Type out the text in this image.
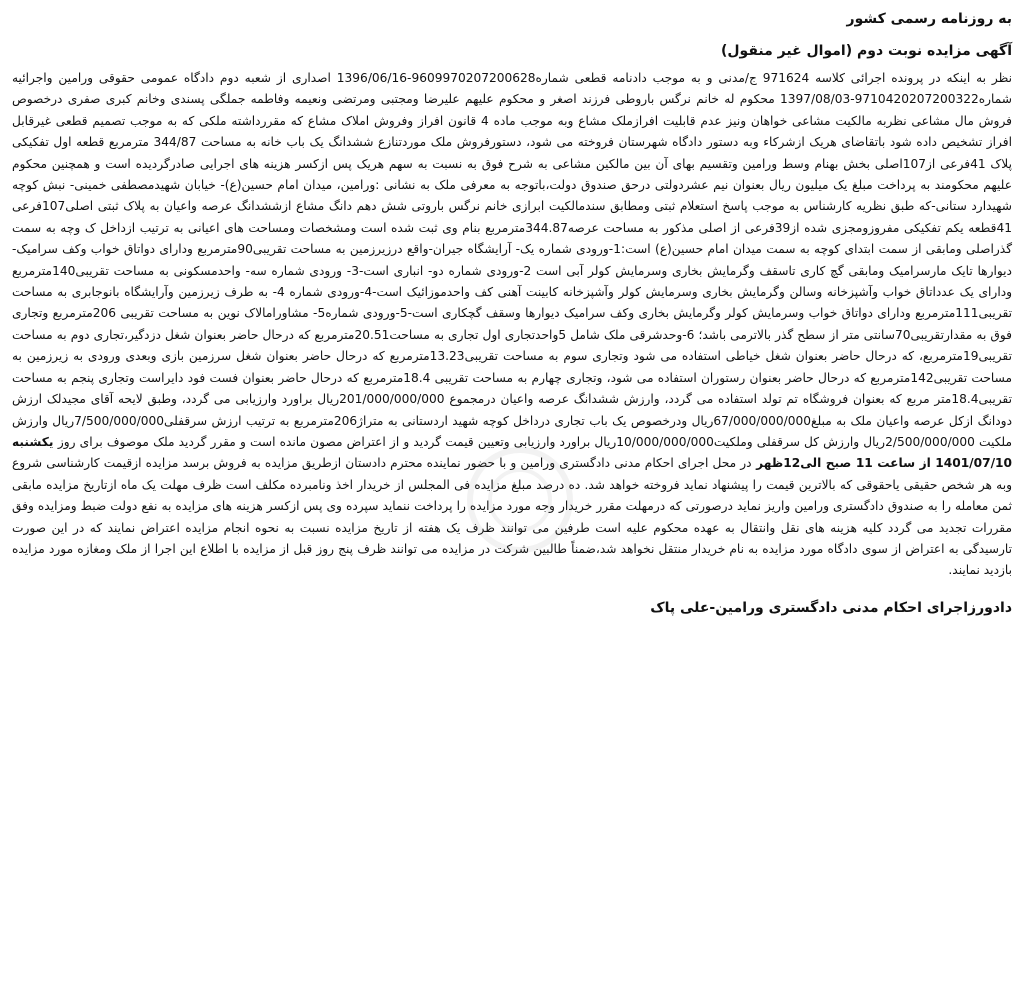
به روزنامه رسمی کشور
آگهی مزایده نوبت دوم (اموال غیر منقول)

نظر به اینکه در پرونده اجرائی کلاسه 971624 ج/مدنی و به موجب دادنامه قطعی شماره9609970207200628-1396/06/16 اصداری از شعبه دوم دادگاه عمومی حقوقی ورامین واجرائیه شماره9710420207200322-1397/08/03 محکوم له خانم نرگس باروطی فرزند اصغر و محکوم علیهم علیرضا ومجتبی ومرتضی ونعیمه وفاطمه جملگی پسندی وخانم کبری صفری درخصوص فروش مال مشاعی نظربه مالکیت مشاعی خواهان ونیز عدم قابلیت افرازملک مشاع وبه موجب ماده 4 قانون افراز وفروش املاک مشاع که مقررداشته ملکی که به موجب تصمیم قطعی غیرقابل افراز تشخیص داده شود باتقاضای هریک ازشرکاء وبه دستور دادگاه شهرستان فروخته می شود، دستورفروش ملک موردتنازع ششدانگ یک باب خانه به مساحت 344/87 مترمربع قطعه اول تفکیکی پلاک 41فرعی از107اصلی بخش بهنام وسط ورامین وتقسیم بهای آن بین مالکین مشاعی به شرح فوق به نسبت به سهم هریک پس ازکسر هزینه های اجرایی صادرگردیده است و همچنین محکوم علیهم محکومند به پرداخت مبلغ یک میلیون ریال بعنوان نیم عشردولتی درحق صندوق دولت،باتوجه به معرفی ملک به نشانی :ورامین، میدان امام حسین(ع)- خیابان شهیدمصطفی خمینی- نبش کوچه شهیدارد ستانی-که طبق نظریه کارشناس به موجب پاسخ استعلام ثبتی ومطابق سندمالکیت ابرازی خانم نرگس باروتی شش دهم دانگ مشاع ازششدانگ عرصه واعیان به پلاک ثبتی اصلی107فرعی 41قطعه یکم تفکیکی مفروزومجزی شده از39فرعی از اصلی مذکور به مساحت عرصه344.87مترمربع بنام وی ثبت شده است ومشخصات ومساحت های اعیانی به ترتیب ازداخل ک وچه به سمت گذراصلی ومابقی از سمت ابتدای کوچه به سمت میدان امام حسین(ع) است:1-ورودی شماره یک- آرایشگاه جیران-واقع درزیرزمین به مساحت تقریبی90مترمربع ودارای دواتاق خواب وکف سرامیک- دیوارها تایک مارسرامیک ومابقی گچ کاری تاسقف وگرمایش بخاری وسرمایش کولر آبی است 2-ورودی شماره دو- انباری است-3- ورودی شماره سه- واحدمسکونی به مساحت تقریبی140مترمربع ودارای یک عدداتاق خواب وآشپزخانه وسالن وگرمایش بخاری وسرمایش کولر وآشپزخانه کابینت آهنی کف واحدموزائیک است-4-ورودی شماره 4- به طرف زیرزمین وآرایشگاه بانوجابری به مساحت تقریبی111مترمربع ودارای دواتاق خواب وسرمایش کولر وگرمایش بخاری وکف سرامیک دیوارها وسقف گچکاری است-5-ورودی شماره5- مشاورامالاک نوین به مساحت تقریبی 206مترمربع وتجاری فوق به مقدارتقریبی70سانتی متر از سطح گذر بالاترمی باشد؛ 6-وحدشرقی ملک شامل 5واحدتجاری اول تجاری به مساحت20.51مترمربع که درحال حاضر بعنوان شغل دزدگیر،تجاری دوم به مساحت تقریبی19مترمربع، که درحال حاضر بعنوان شغل خیاطی استفاده می شود وتجاری سوم به مساحت تقریبی13.23مترمربع که درحال حاضر بعنوان شغل سرزمین بازی وبعدی ورودی به زیرزمین به مساحت تقریبی142مترمربع که درحال حاضر بعنوان رستوران استفاده می شود، وتجاری چهارم به مساحت تقریبی 18.4مترمربع که درحال حاضر بعنوان فست فود دایراست وتجاری پنجم به مساحت تقریبی18.4متر مربع که بعنوان فروشگاه تم تولد استفاده می گردد، وارزش ششدانگ عرصه واعیان درمجموع 201/000/000/000ریال براورد وارزیابی می گردد، وطبق لایحه آقای مجیدلک ارزش دودانگ ازکل عرصه واعیان ملک به مبلغ67/000/000/000ریال ودرخصوص یک باب تجاری درداخل کوچه شهید اردستانی به متراژ206مترمربع به ترتیب ارزش سرقفلی7/500/000/000ریال وارزش ملکیت 2/500/000/000ریال وارزش کل سرقفلی وملکیت10/000/000/000ریال براورد وارزیابی وتعیین قیمت گردید و از اعتراض مصون مانده است و مقرر گردید ملک موصوف برای روز یکشنبه 1401/07/10 از ساعت 11 صبح الی12ظهر در محل اجرای احکام مدنی دادگستری ورامین و با حضور نماینده محترم دادستان ازطریق مزایده به فروش برسد مزایده ازقیمت کارشناسی شروع وبه هر شخص حقیقی یاحقوقی که بالاترین قیمت را پیشنهاد نماید فروخته خواهد شد. ده درصد مبلغ مزایده فی المجلس از خریدار اخذ ونامبرده مکلف است ظرف مهلت یک ماه ازتاریخ مزایده مابقی ثمن معامله را به صندوق دادگستری ورامین واریز نماید درصورتی که درمهلت مقرر خریدار وجه مورد مزایده را پرداخت ننماید سپرده وی پس ازکسر هزینه های مزایده به نفع دولت ضبط ومزایده وفق مقررات تجدید می گردد کلیه هزینه های نقل وانتقال به عهده محکوم علیه است طرفین می توانند ظرف یک هفته از تاریخ مزایده نسبت به نحوه انجام مزایده اعتراض نمایند که در این صورت تارسیدگی به اعتراض از سوی دادگاه مورد مزایده به نام خریدار منتقل نخواهد شد،ضمناً طالبین شرکت در مزایده می توانند ظرف پنج روز قبل از مزایده با اطلاع این اجرا از ملک ومغازه مورد مزایده بازدید نمایند.

دادورزاجرای احکام مدنی دادگستری ورامین-علی پاک
